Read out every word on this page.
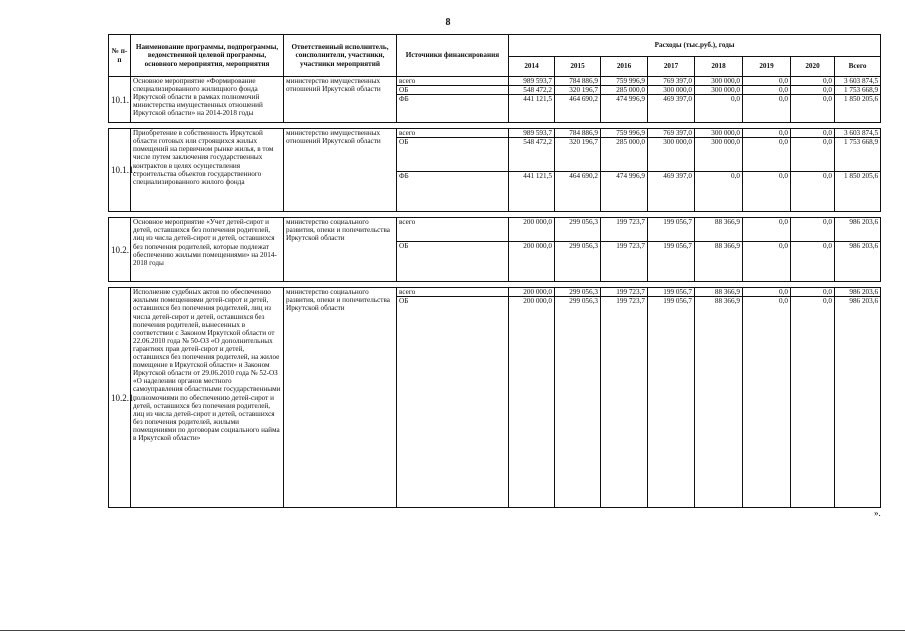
8
№ п-п	Наименование программы, подпрограммы, ведомственной целевой программы, основного мероприятия, мероприятия	Ответственный исполнитель, соисполнители, участники, участники мероприятий	Источники финансирования	Расходы (тыс.руб.), годы							
				2014	2015	2016	2017	2018	2019	2020	Всего
10.1.	Основное мероприятие «Формирование специализированного жилищного фонда Иркутской области в рамках полномочий министерства имущественных отношений Иркутской области» на 2014-2018 годы	министерство имущественных отношений Иркутской области	всего	989 593,7	784 886,9	759 996,9	769 397,0	300 000,0	0,0	0,0	3 603 874,5
			ОБ	548 472,2	320 196,7	285 000,0	300 000,0	300 000,0	0,0	0,0	1 753 668,9
			ФБ	441 121,5	464 690,2	474 996,9	469 397,0	0,0	0,0	0,0	1 850 205,6

10.1.1.	Приобретение в собственность Иркутской области готовых или строящихся жилых помещений на первичном рынке жилья, в том числе путем заключения государственных контрактов в целях осуществления строительства объектов государственного специализированного жилого фонда	министерство имущественных отношений Иркутской области	всего	989 593,7	784 886,9	759 996,9	769 397,0	300 000,0	0,0	0,0	3 603 874,5
			ОБ	548 472,2	320 196,7	285 000,0	300 000,0	300 000,0	0,0	0,0	1 753 668,9
			ФБ	441 121,5	464 690,2	474 996,9	469 397,0	0,0	0,0	0,0	1 850 205,6

10.2.	Основное мероприятие «Учет детей-сирот и детей, оставшихся без попечения родителей, лиц из числа детей-сирот и детей, оставшихся без попечения родителей, которые подлежат обеспечению жилыми помещениями» на 2014-2018 годы	министерство социального развития, опеки и попечительства Иркутской области	всего	200 000,0	299 056,3	199 723,7	199 056,7	88 366,9	0,0	0,0	986 203,6
			ОБ	200 000,0	299 056,3	199 723,7	199 056,7	88 366,9	0,0	0,0	986 203,6

10.2.1.	Исполнение судебных актов по обеспечению жилыми помещениями детей-сирот и детей, оставшихся без попечения родителей, лиц из числа детей-сирот и детей, оставшихся без попечения родителей, вынесенных в соответствии с Законом Иркутской области от 22.06.2010 года № 50-ОЗ «О дополнительных гарантиях прав детей-сирот и детей, оставшихся без попечения родителей, на жилое помещение в Иркутской области» и Законом Иркутской области от 29.06.2010 года № 52-ОЗ «О наделении органов местного самоуправления областными государственными полномочиями по обеспечению детей-сирот и детей, оставшихся без попечения родителей, лиц из числа детей-сирот и детей, оставшихся без попечения родителей, жилыми помещениями по договорам социального найма в Иркутской области»	министерство социального развития, опеки и попечительства Иркутской области	всего	200 000,0	299 056,3	199 723,7	199 056,7	88 366,9	0,0	0,0	986 203,6
			ОБ	200 000,0	299 056,3	199 723,7	199 056,7	88 366,9	0,0	0,0	986 203,6
».
